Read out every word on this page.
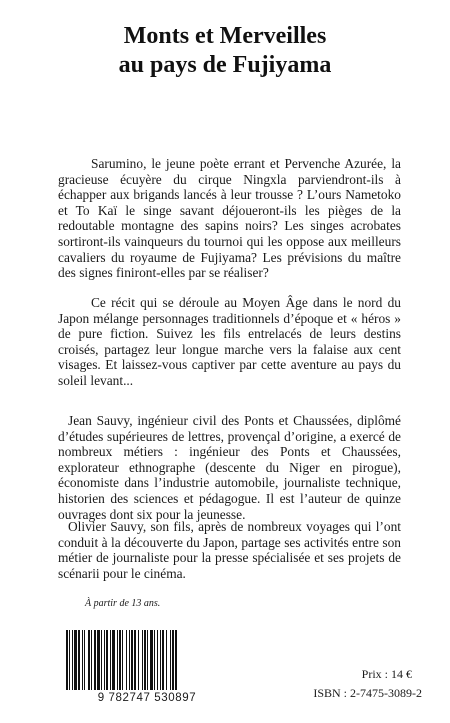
Monts et Merveilles
au pays de Fujiyama

Sarumino, le jeune poète errant et Pervenche Azurée, la gracieuse écuyère du cirque Ningxla parviendront-ils à échapper aux brigands lancés à leur trousse ? L’ours Nametoko et To Kaï le singe savant déjoueront-ils les pièges de la redoutable montagne des sapins noirs? Les singes acrobates sortiront-ils vainqueurs du tournoi qui les oppose aux meilleurs cavaliers du royaume de Fujiyama? Les prévisions du maître des signes finiront-elles par se réaliser?

Ce récit qui se déroule au Moyen Âge dans le nord du Japon mélange personnages traditionnels d’époque et « héros » de pure fiction. Suivez les fils entrelacés de leurs destins croisés, partagez leur longue marche vers la falaise aux cent visages. Et laissez-vous captiver par cette aventure au pays du soleil levant...

Jean Sauvy, ingénieur civil des Ponts et Chaussées, diplômé d’études supérieures de lettres, provençal d’origine, a exercé de nombreux métiers : ingénieur des Ponts et Chaussées, explorateur ethnographe (descente du Niger en pirogue), économiste dans l’industrie automobile, journaliste technique, historien des sciences et pédagogue. Il est l’auteur de quinze ouvrages dont six pour la jeunesse.

Olivier Sauvy, son fils, après de nombreux voyages qui l’ont conduit à la découverte du Japon, partage ses activités entre son métier de journaliste pour la presse spécialisée et ses projets de scénarii pour le cinéma.

À partir de 13 ans.
9 782747 530897
Prix : 14 €
ISBN : 2-7475-3089-2
